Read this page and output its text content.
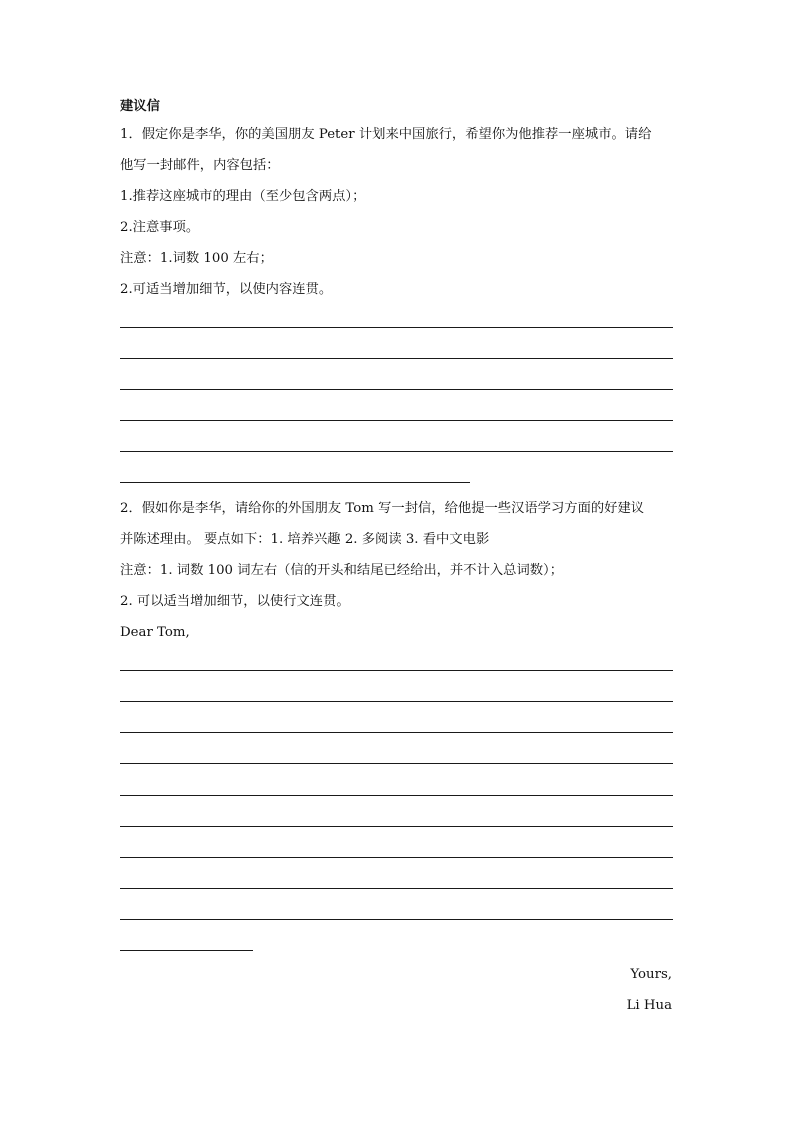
建议信
1．假定你是李华，你的美国朋友 Peter 计划来中国旅行，希望你为他推荐一座城市。请给
他写一封邮件，内容包括：
1.推荐这座城市的理由（至少包含两点）；
2.注意事项。
注意：1.词数 100 左右；
2.可适当增加细节，以使内容连贯。
2．假如你是李华，请给你的外国朋友 Tom 写一封信，给他提一些汉语学习方面的好建议
并陈述理由。 要点如下：1. 培养兴趣 2. 多阅读 3. 看中文电影
注意：1. 词数 100 词左右（信的开头和结尾已经给出，并不计入总词数）；
2. 可以适当增加细节，以使行文连贯。
Dear Tom,
Yours,
Li Hua
